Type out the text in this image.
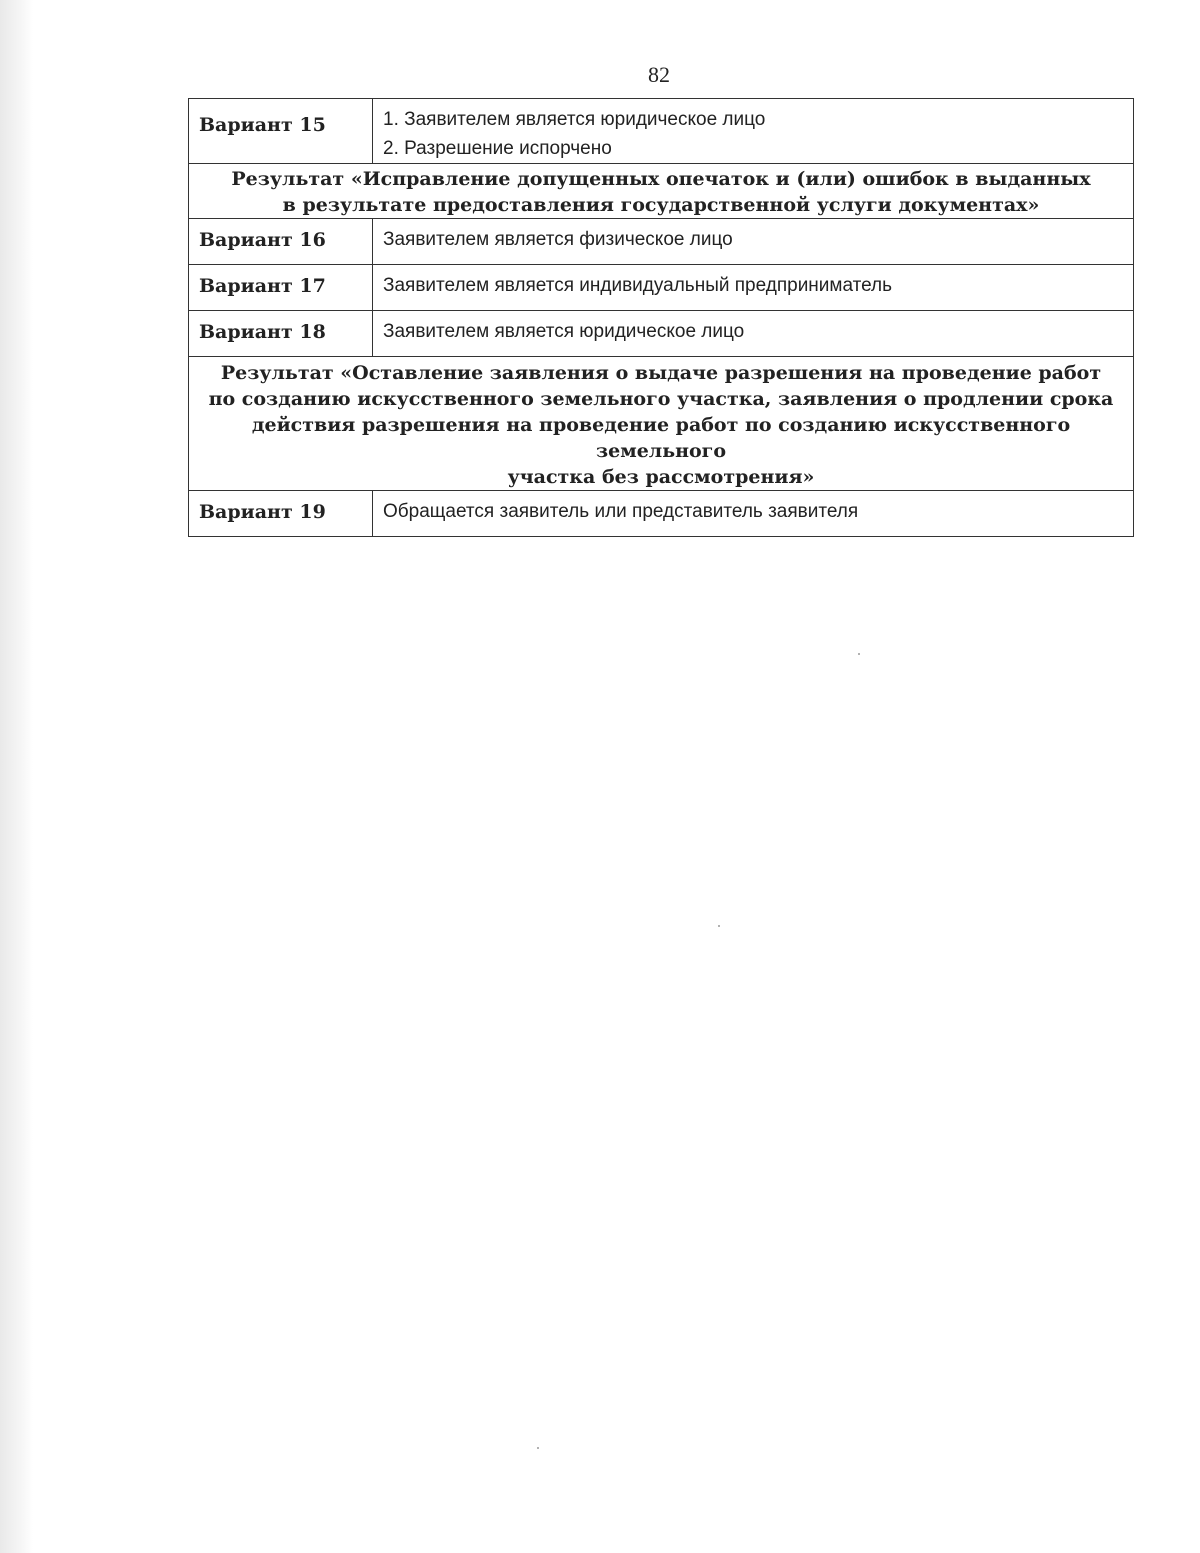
82
Вариант 15	1. Заявителем является юридическое лицо
2. Разрешение испорчено

Результат «Исправление допущенных опечаток и (или) ошибок в выданных
в результате предоставления государственной услуги документах»	

Вариант 16	Заявителем является физическое лицо

Вариант 17	Заявителем является индивидуальный предприниматель

Вариант 18	Заявителем является юридическое лицо

Результат «Оставление заявления о выдаче разрешения на проведение работ
по созданию искусственного земельного участка, заявления о продлении срока
действия разрешения на проведение работ по созданию искусственного земельного
участка без рассмотрения»	

Вариант 19	Обращается заявитель или представитель заявителя
